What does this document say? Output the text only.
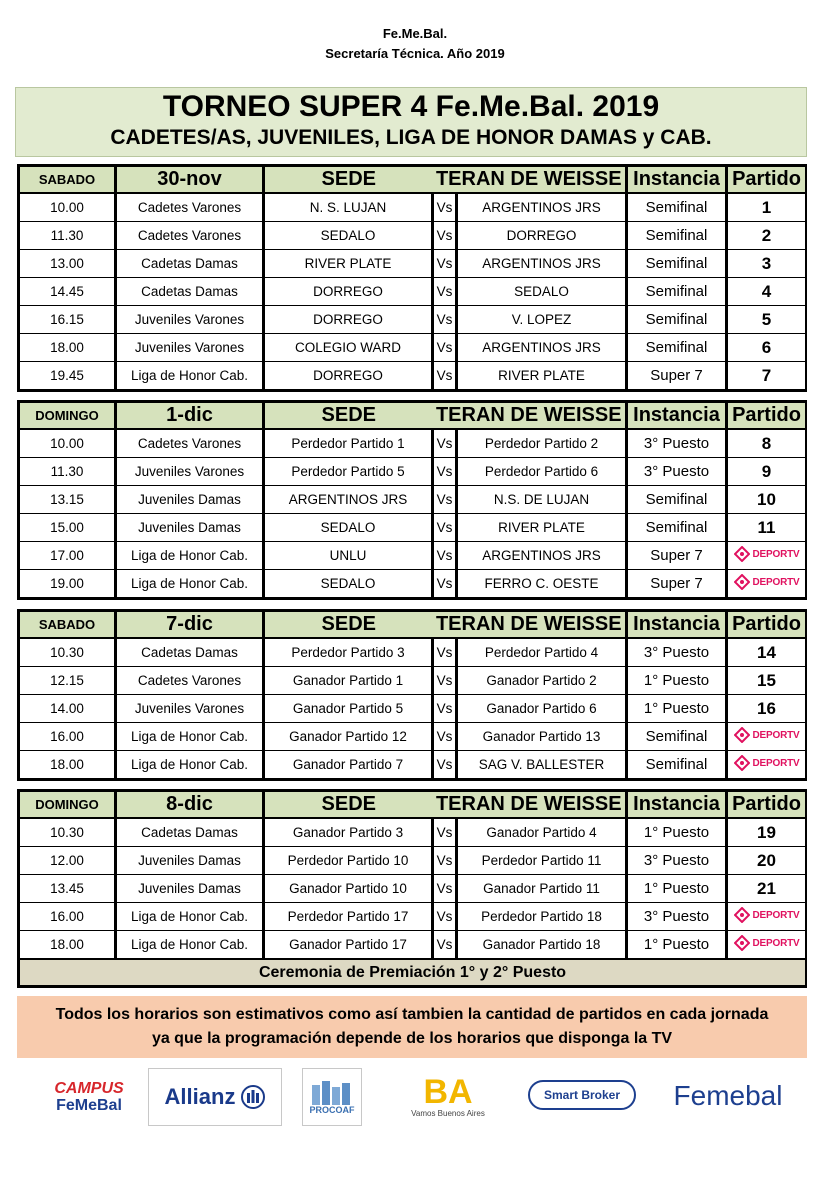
Fe.Me.Bal.
Secretaría Técnica. Año 2019
TORNEO SUPER 4 Fe.Me.Bal. 2019
CADETES/AS, JUVENILES, LIGA DE HONOR DAMAS y CAB.
SABADO	30-nov	SEDE	TERAN DE WEISSE		Instancia	Partido
10.00	Cadetes Varones	N. S. LUJAN	Vs	ARGENTINOS JRS	Semifinal	1
11.30	Cadetes Varones	SEDALO	Vs	DORREGO	Semifinal	2
13.00	Cadetas Damas	RIVER PLATE	Vs	ARGENTINOS JRS	Semifinal	3
14.45	Cadetas Damas	DORREGO	Vs	SEDALO	Semifinal	4
16.15	Juveniles Varones	DORREGO	Vs	V. LOPEZ	Semifinal	5
18.00	Juveniles Varones	COLEGIO WARD	Vs	ARGENTINOS JRS	Semifinal	6
19.45	Liga de Honor Cab.	DORREGO	Vs	RIVER PLATE	Super 7	7
DOMINGO	1-dic	SEDE	TERAN DE WEISSE		Instancia	Partido
10.00	Cadetes Varones	Perdedor Partido 1	Vs	Perdedor Partido 2	3° Puesto	8
11.30	Juveniles Varones	Perdedor Partido 5	Vs	Perdedor Partido 6	3° Puesto	9
13.15	Juveniles Damas	ARGENTINOS JRS	Vs	N.S. DE LUJAN	Semifinal	10
15.00	Juveniles Damas	SEDALO	Vs	RIVER PLATE	Semifinal	11
17.00	Liga de Honor Cab.	UNLU	Vs	ARGENTINOS JRS	Super 7	DEPORTV

19.00	Liga de Honor Cab.	SEDALO	Vs	FERRO C. OESTE	Super 7	DEPORTV
SABADO	7-dic	SEDE	TERAN DE WEISSE		Instancia	Partido
10.30	Cadetas Damas	Perdedor Partido 3	Vs	Perdedor Partido 4	3° Puesto	14
12.15	Cadetes Varones	Ganador Partido 1	Vs	Ganador Partido 2	1° Puesto	15
14.00	Juveniles Varones	Ganador Partido 5	Vs	Ganador Partido 6	1° Puesto	16
16.00	Liga de Honor Cab.	Ganador Partido 12	Vs	Ganador Partido 13	Semifinal	DEPORTV

18.00	Liga de Honor Cab.	Ganador Partido 7	Vs	SAG V. BALLESTER	Semifinal	DEPORTV
DOMINGO	8-dic	SEDE	TERAN DE WEISSE		Instancia	Partido
10.30	Cadetas Damas	Ganador Partido 3	Vs	Ganador Partido 4	1° Puesto	19
12.00	Juveniles Damas	Perdedor Partido 10	Vs	Perdedor Partido 11	3° Puesto	20
13.45	Juveniles Damas	Ganador Partido 10	Vs	Ganador Partido 11	1° Puesto	21
16.00	Liga de Honor Cab.	Perdedor Partido 17	Vs	Perdedor Partido 18	3° Puesto	DEPORTV

18.00	Liga de Honor Cab.	Ganador Partido 17	Vs	Ganador Partido 18	1° Puesto	DEPORTV

Ceremonia de Premiación 1° y 2° Puesto						
Todos los horarios son estimativos como así tambien la cantidad de partidos en cada jornada
ya que la programación depende de los horarios que disponga la TV
CAMPUS
FeMeBal Allianz
PROCOAF BA
Vamos Buenos Aires
Smart Broker Femebal
